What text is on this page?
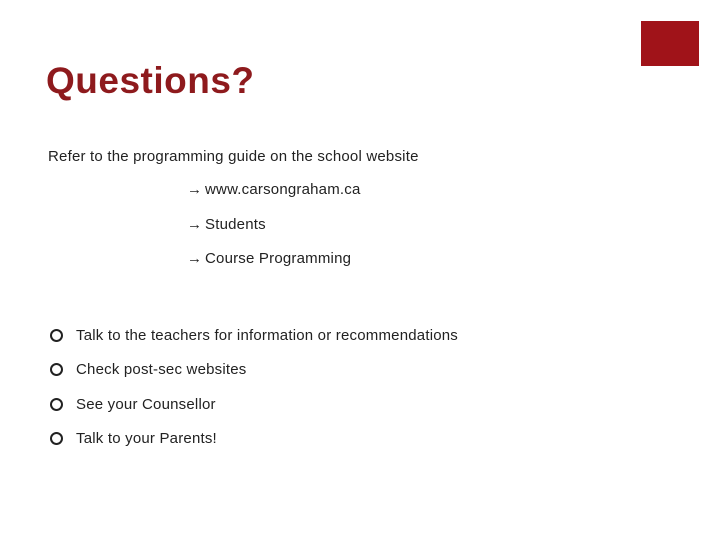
Questions?
Refer to the programming guide on the school website
→ www.carsongraham.ca
→ Students
→ Course Programming
Talk to the teachers for information or recommendations
Check post-sec websites
See your Counsellor
Talk to your Parents!
